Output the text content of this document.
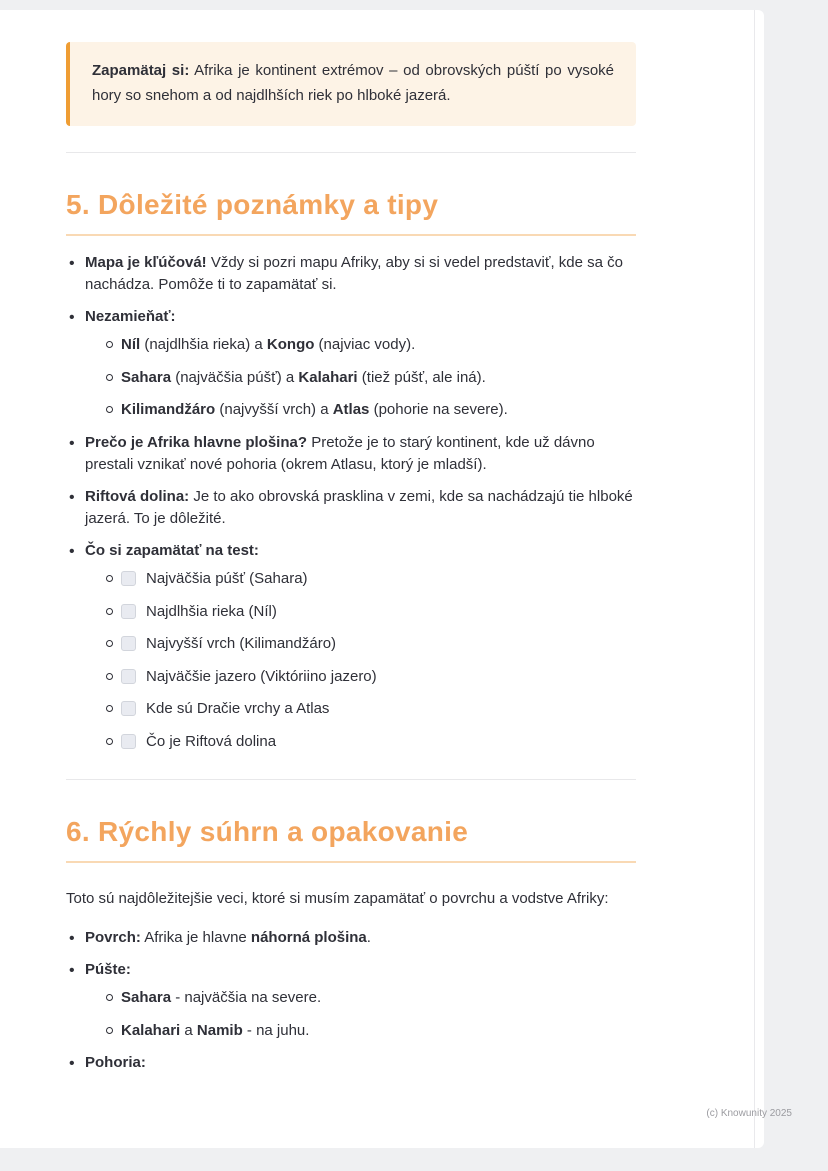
Zapamätaj si: Afrika je kontinent extrémov – od obrovských púští po vysoké hory so snehom a od najdlhších riek po hlboké jazerá.
5. Dôležité poznámky a tipy
• Mapa je kľúčová! Vždy si pozri mapu Afriky, aby si si vedel predstaviť, kde sa čo nachádza. Pomôže ti to zapamätať si.
• Nezamieňať:
Níl (najdlhšia rieka) a Kongo (najviac vody).
Sahara (najväčšia púšť) a Kalahari (tiež púšť, ale iná).
Kilimandžáro (najvyšší vrch) a Atlas (pohorie na severe).
• Prečo je Afrika hlavne plošina? Pretože je to starý kontinent, kde už dávno prestali vznikať nové pohoria (okrem Atlasu, ktorý je mladší).
• Riftová dolina: Je to ako obrovská prasklina v zemi, kde sa nachádzajú tie hlboké jazerá. To je dôležité.
• Čo si zapamätať na test:
Najväčšia púšť (Sahara)
Najdlhšia rieka (Níl)
Najvyšší vrch (Kilimandžáro)
Najväčšie jazero (Viktóriino jazero)
Kde sú Dračie vrchy a Atlas
Čo je Riftová dolina
6. Rýchly súhrn a opakovanie

Toto sú najdôležitejšie veci, ktoré si musím zapamätať o povrchu a vodstve Afriky:

• Povrch: Afrika je hlavne náhorná plošina.
• Púšte:
Sahara - najväčšia na severe.
Kalahari a Namib - na juhu.
• Pohoria:
(c) Knowunity 2025
